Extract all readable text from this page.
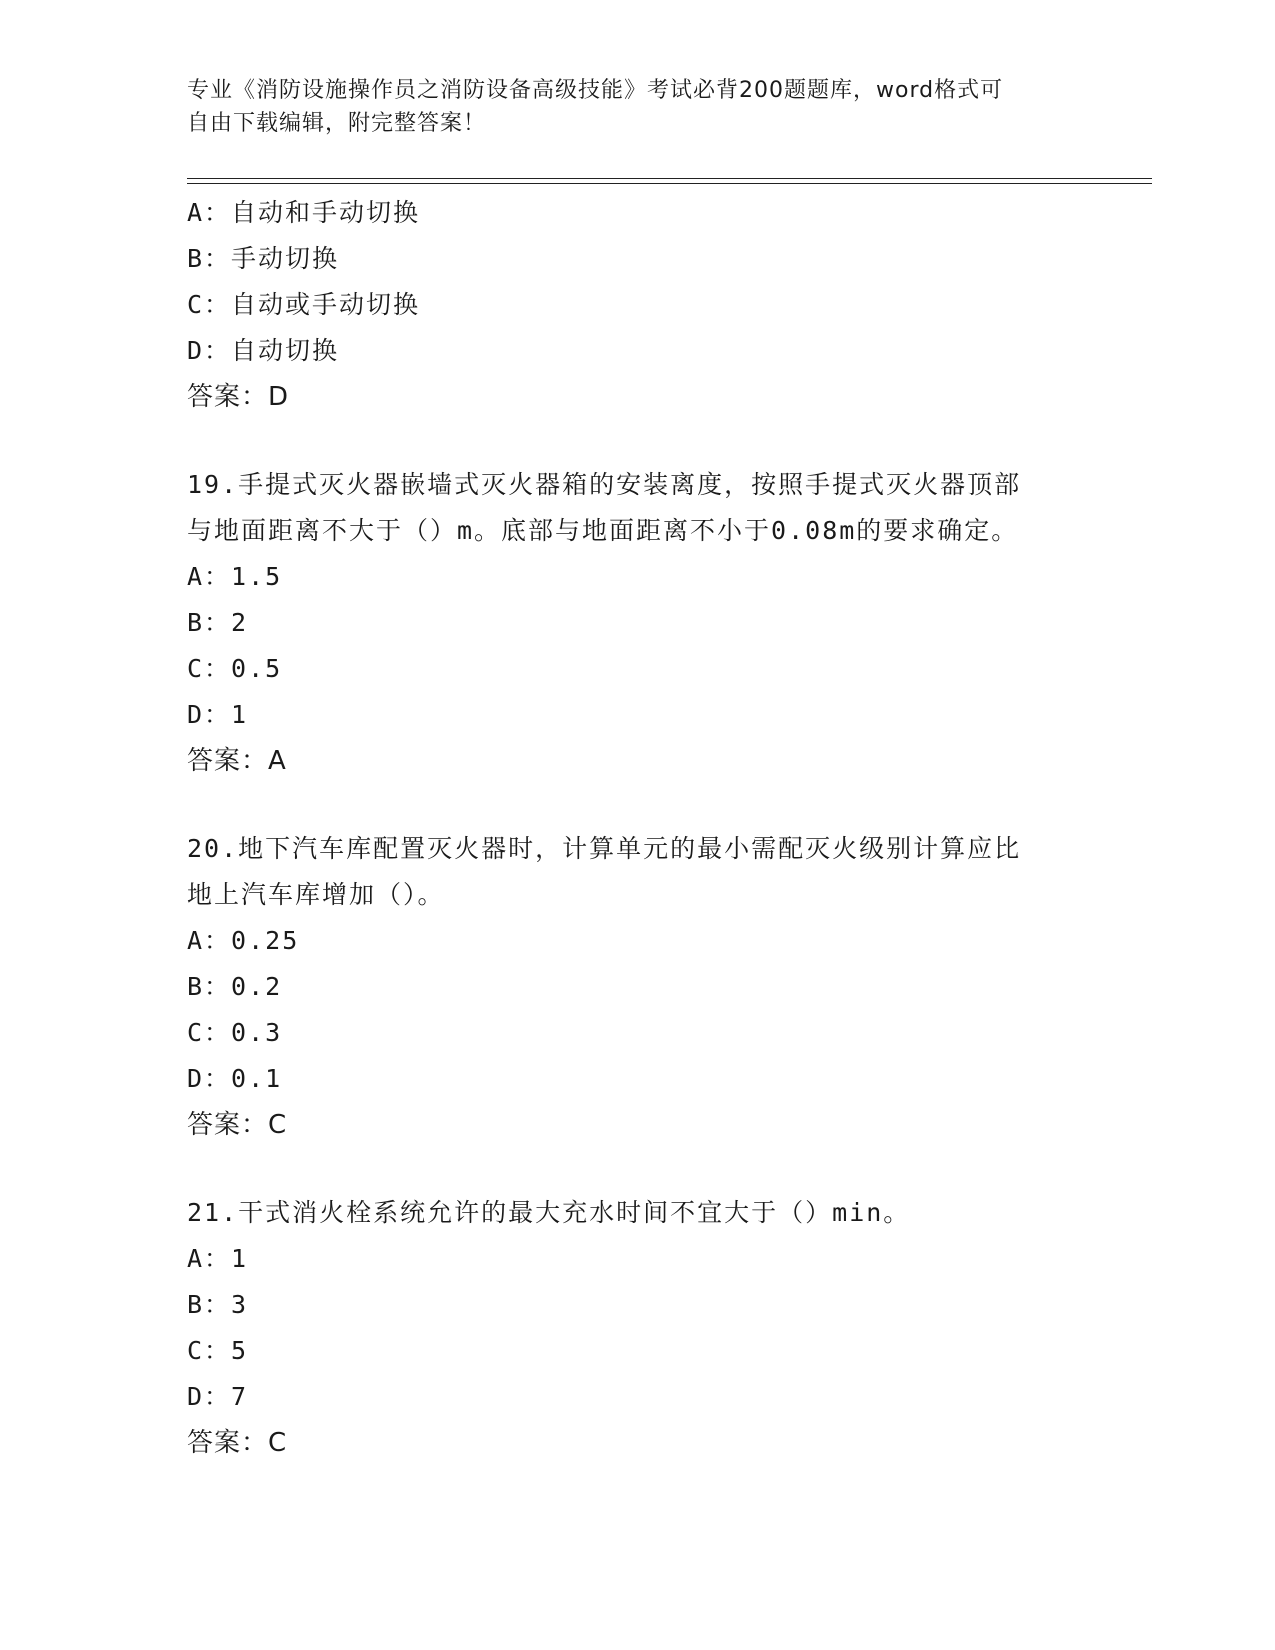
专业《消防设施操作员之消防设备高级技能》考试必背200题题库，word格式可
自由下载编辑，附完整答案！
A：自动和手动切换
B：手动切换
C：自动或手动切换
D：自动切换
答案：D
19.手提式灭火器嵌墙式灭火器箱的安装离度，按照手提式灭火器顶部
与地面距离不大于（）m。底部与地面距离不小于0.08m的要求确定。
A：1.5
B：2
C：0.5
D：1
答案：A
20.地下汽车库配置灭火器时，计算单元的最小需配灭火级别计算应比
地上汽车库增加（）。
A：0.25
B：0.2
C：0.3
D：0.1
答案：C
21.干式消火栓系统允许的最大充水时间不宜大于（）min。
A：1
B：3
C：5
D：7
答案：C
